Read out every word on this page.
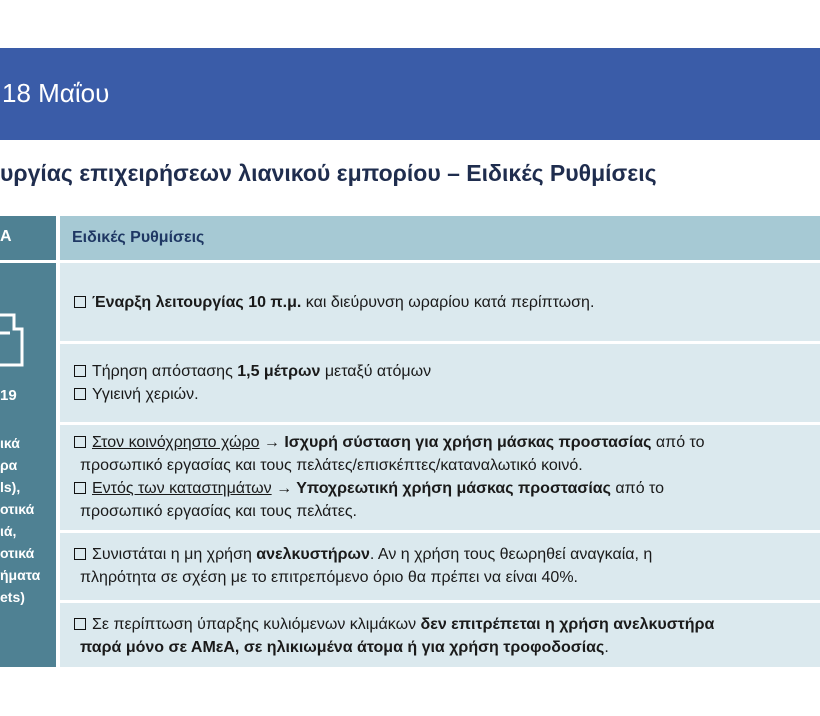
18 Μαΐου
υργίας επιχειρήσεων λιανικού εμπορίου – Ειδικές Ρυθμίσεις
Α
19
ικά
ρα
ls),
οτικά
ιά,
οτικά
ήματα
ets)
Ειδικές Ρυθμίσεις
Έναρξη λειτουργίας 10 π.μ. και διεύρυνση ωραρίου κατά περίπτωση.
Τήρηση απόστασης 1,5 μέτρων μεταξύ ατόμων
Υγιεινή χεριών.
Στον κοινόχρηστο χώρο → Ισχυρή σύσταση για χρήση μάσκας προστασίας από το
προσωπικό εργασίας και τους πελάτες/επισκέπτες/καταναλωτικό κοινό.
Εντός των καταστημάτων → Υποχρεωτική χρήση μάσκας προστασίας από το
προσωπικό εργασίας και τους πελάτες.
Συνιστάται η μη χρήση ανελκυστήρων. Αν η χρήση τους θεωρηθεί αναγκαία, η
πληρότητα σε σχέση με το επιτρεπόμενο όριο θα πρέπει να είναι 40%.
Σε περίπτωση ύπαρξης κυλιόμενων κλιμάκων δεν επιτρέπεται η χρήση ανελκυστήρα
παρά μόνο σε ΑΜεΑ, σε ηλικιωμένα άτομα ή για χρήση τροφοδοσίας.
